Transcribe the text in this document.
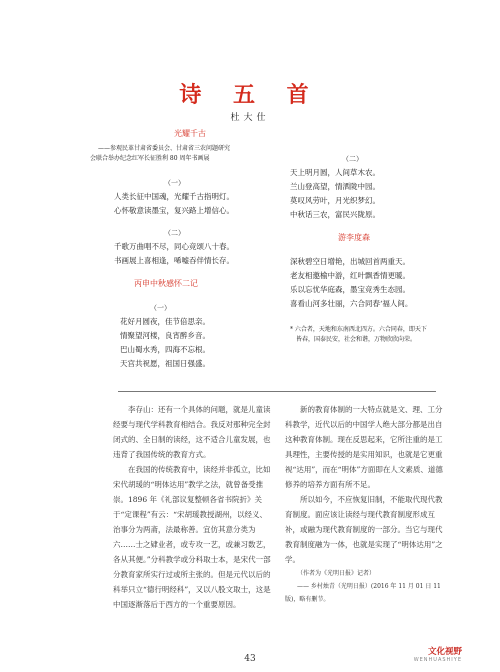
诗 五 首
杜大仕
光耀千古

——参观民革甘肃省委员会、甘肃省三农问题研究

会联合举办纪念红军长征胜利 80 周年书画展

（一）

人类长征中国魂，光耀千古指明灯。

心怀敬意读墨宝，复兴路上增信心。

（二）

千歌万曲唱不尽，同心竞颂八十春。

书画展上喜相逢，唏嘘吞伴情长存。

丙申中秋感怀二记

（一）

花好月圆夜，佳节倍思亲。

情聚望河楼，良宵醉乡音。

巴山蜀水秀，四海不忘根。

天宫共祝愿，祖国日强盛。

（二）

天上明月圆，人间草木农。

兰山登高望，情洒陇中园。

莫叹风劳叶，月光织梦幻。

中秋话三农，富民兴陇原。

游李度森

深秋碧空日增艳，出城回首两重天。

老友相邀榆中游，红叶飘香情更暖。

乐以忘忧华庭森，墨宝竞秀生态园。

喜看山河多壮丽，六合同春‘福人间。

* 六合者，天地和东南西北四方。六合同春，即天下

皆春，国泰民安，社会和谐，万物欣欣向荣。

李存山：还有一个具体的问题，就是儿童读经要与现代学科教育相结合。我反对那种完全封闭式的、全日制的读经，这不适合儿童发展，也违背了我国传统的教育方式。

在我国的传统教育中，读经并非孤立，比如宋代胡瑗的“明体达用”教学之法，就曾备受推崇。1896 年《礼部议复整顿各省书院折》关于“定课程”有云：“宋胡瑗教授湖州，以经义、治事分为两斋，法最称善。宜仿其意分类为六……士之肄业者，或专攻一艺，或兼习数艺，各从其便。”分科教学或分科取士本，是宋代一部分教育家所实行过或所主张的。但是元代以后的科举只立“德行明经科”，又以八股文取士，这是中国逐渐落后于西方的一个重要原因。

新的教育体制的一大特点就是文、理、工分科教学，近代以后的中国学人绝大部分都是出自这种教育体制。现在反思起来，它所注重的是工具理性，主要传授的是实用知识，也就是它更重视“达用”，而在“明体”方面即在人文素质、道德修养的培养方面有所不足。

所以如今，不应恢复旧制，不能取代现代教育制度。面应该让读经与现代教育制度形成互补，或融为现代教育制度的一部分。当它与现代教育制度融为一体，也就是实现了“明体达用”之学。

（作者为《光明日报》记者）

—— 乡村烛青（光明日报）(2016 年 11 月 01 日 11 版)，略有删节。

43
文化视野
WENHUASHIYE
